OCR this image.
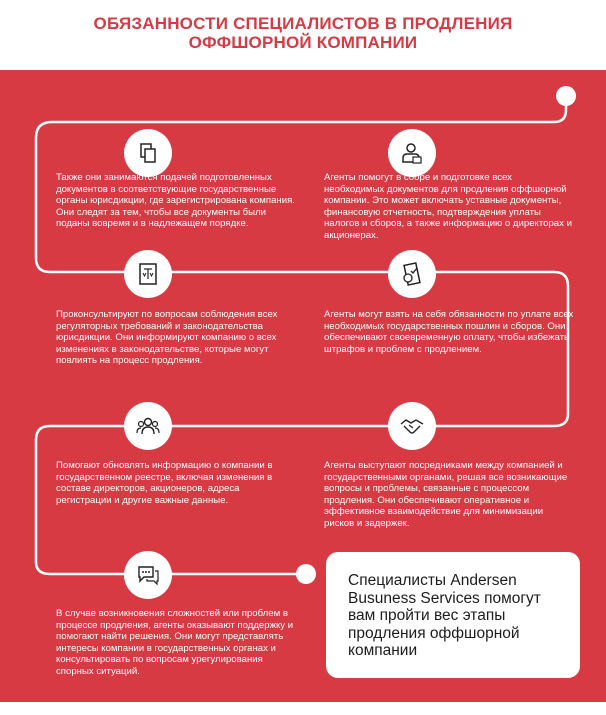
ОБЯЗАННОСТИ СПЕЦИАЛИСТОВ В ПРОДЛЕНИЯ ОФФШОРНОЙ КОМПАНИИ
Также они занимаются подачей подготовленных документов в соответствующие государственные органы юрисдикции, где зарегистрирована компания. Они следят за тем, чтобы все документы были поданы вовремя и в надлежащем порядке.
Агенты помогут в сборе и подготовке всех необходимых документов для продления оффшорной компании. Это может включать уставные документы, финансовую отчетность, подтверждения уплаты налогов и сборов, а также информацию о директорах и акционерах.
Проконсультируют по вопросам соблюдения всех регуляторных требований и законодательства юрисдикции. Они информируют компанию о всех изменениях в законодательстве, которые могут повлиять на процесс продления.
Агенты могут взять на себя обязанности по уплате всех необходимых государственных пошлин и сборов. Они обеспечивают своевременную оплату, чтобы избежать штрафов и проблем с продлением.
Помогают обновлять информацию о компании в государственном реестре, включая изменения в составе директоров, акционеров, адреса регистрации и другие важные данные.
Агенты выступают посредниками между компанией и государственными органами, решая все возникающие вопросы и проблемы, связанные с процессом продления. Они обеспечивают оперативное и эффективное взаимодействие для минимизации рисков и задержек.
В случае возникновения сложностей или проблем в процессе продления, агенты оказывают поддержку и помогают найти решения. Они могут представлять интересы компании в государственных органах и консультировать по вопросам урегулирования спорных ситуаций.
Специалисты Andersen Busuness Services помогут вам пройти вес этапы продления оффшорной компании
